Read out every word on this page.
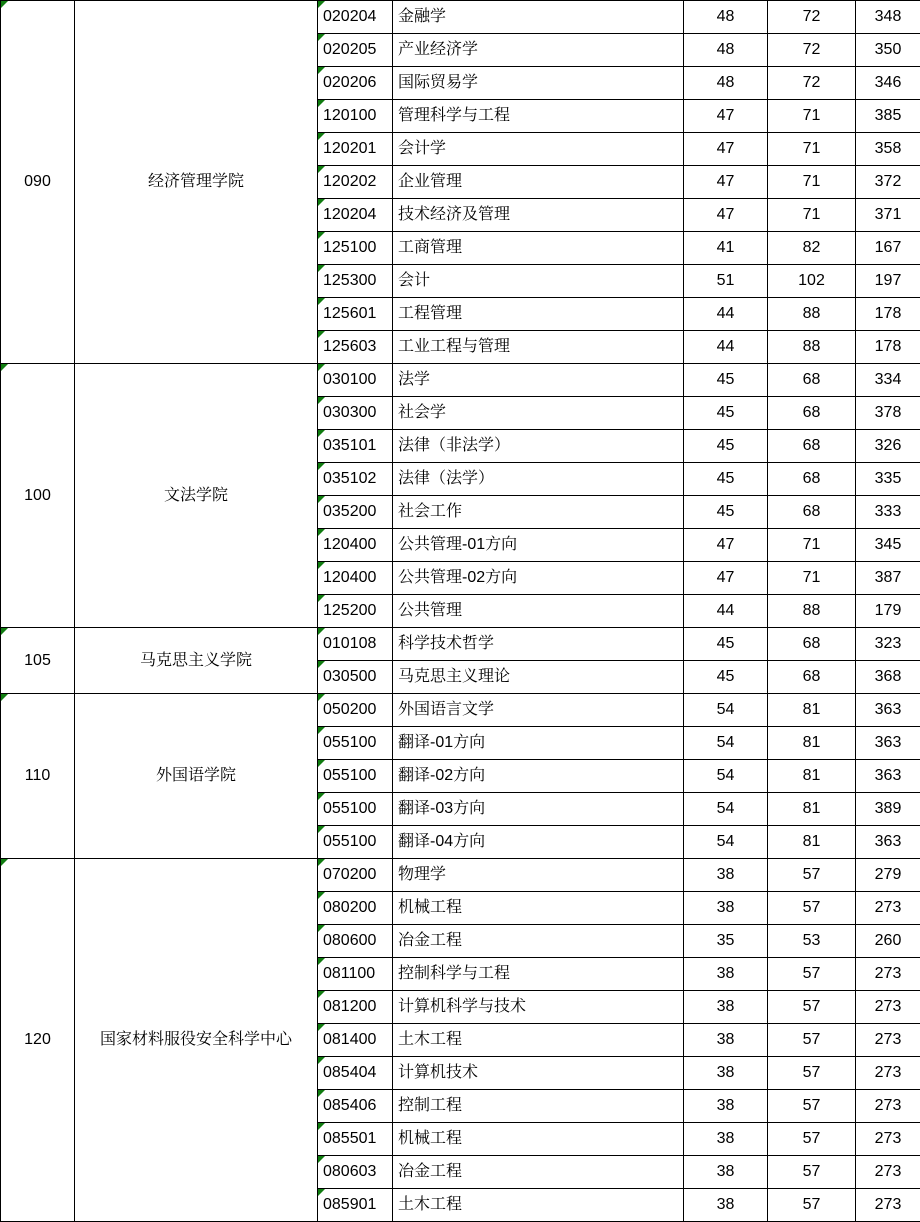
090	经济管理学院	020204	金融学	48	72	348

020205	产业经济学	48	72	350

020206	国际贸易学	48	72	346

120100	管理科学与工程	47	71	385

120201	会计学	47	71	358

120202	企业管理	47	71	372

120204	技术经济及管理	47	71	371

125100	工商管理	41	82	167

125300	会计	51	102	197

125601	工程管理	44	88	178

125603	工业工程与管理	44	88	178

100	文法学院	030100	法学	45	68	334

030300	社会学	45	68	378

035101	法律（非法学）	45	68	326

035102	法律（法学）	45	68	335

035200	社会工作	45	68	333

120400	公共管理-01方向	47	71	345

120400	公共管理-02方向	47	71	387

125200	公共管理	44	88	179

105	马克思主义学院	010108	科学技术哲学	45	68	323

030500	马克思主义理论	45	68	368

110	外国语学院	050200	外国语言文学	54	81	363

055100	翻译-01方向	54	81	363

055100	翻译-02方向	54	81	363

055100	翻译-03方向	54	81	389

055100	翻译-04方向	54	81	363

120	国家材料服役安全科学中心	070200	物理学	38	57	279

080200	机械工程	38	57	273

080600	冶金工程	35	53	260

081100	控制科学与工程	38	57	273

081200	计算机科学与技术	38	57	273

081400	土木工程	38	57	273

085404	计算机技术	38	57	273

085406	控制工程	38	57	273

085501	机械工程	38	57	273

080603	冶金工程	38	57	273

085901	土木工程	38	57	273
